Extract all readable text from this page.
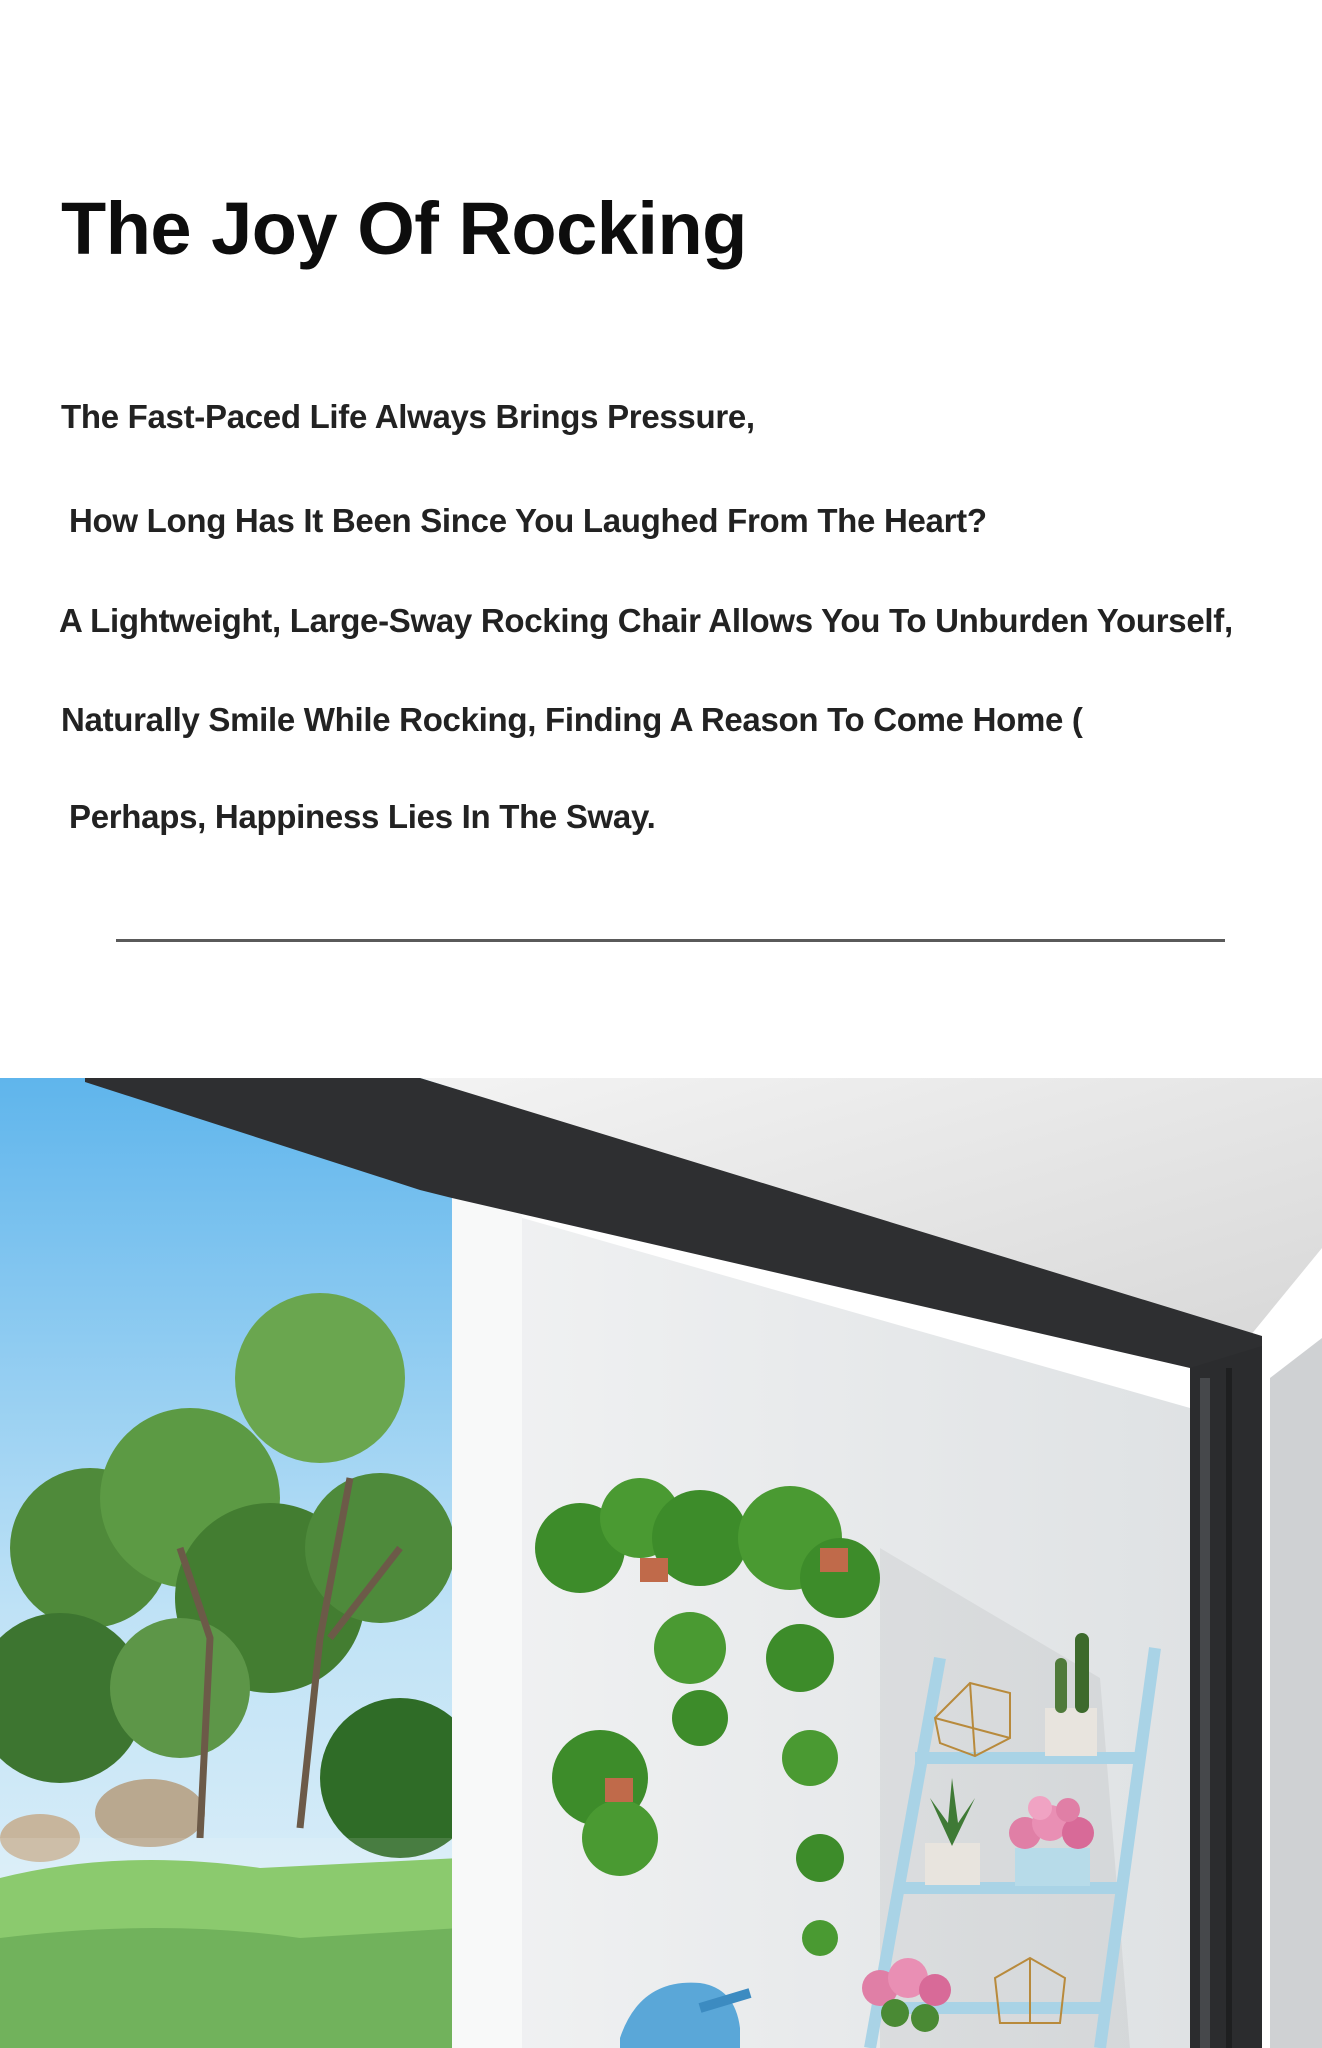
The Joy Of Rocking
The Fast-Paced Life Always Brings Pressure,
How Long Has It Been Since You Laughed From The Heart?
A Lightweight, Large-Sway Rocking Chair Allows You To Unburden Yourself,
Naturally Smile While Rocking, Finding A Reason To Come Home (
Perhaps, Happiness Lies In The Sway.
